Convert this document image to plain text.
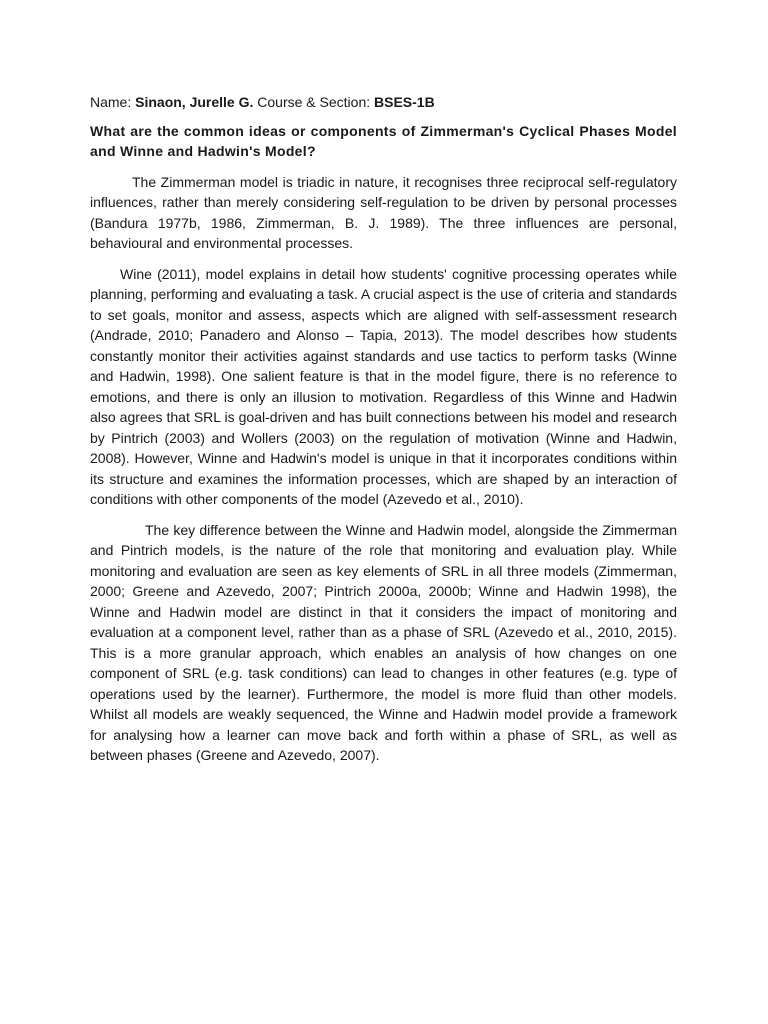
Name: Sinaon, Jurelle G. Course & Section: BSES-1B

What are the common ideas or components of Zimmerman's Cyclical Phases Model and Winne and Hadwin's Model?

The Zimmerman model is triadic in nature, it recognises three reciprocal self-regulatory influences, rather than merely considering self-regulation to be driven by personal processes (Bandura 1977b, 1986, Zimmerman, B. J. 1989). The three influences are personal, behavioural and environmental processes.

Wine (2011), model explains in detail how students' cognitive processing operates while planning, performing and evaluating a task. A crucial aspect is the use of criteria and standards to set goals, monitor and assess, aspects which are aligned with self-assessment research (Andrade, 2010; Panadero and Alonso – Tapia, 2013). The model describes how students constantly monitor their activities against standards and use tactics to perform tasks (Winne and Hadwin, 1998). One salient feature is that in the model figure, there is no reference to emotions, and there is only an illusion to motivation. Regardless of this Winne and Hadwin also agrees that SRL is goal-driven and has built connections between his model and research by Pintrich (2003) and Wollers (2003) on the regulation of motivation (Winne and Hadwin, 2008). However, Winne and Hadwin's model is unique in that it incorporates conditions within its structure and examines the information processes, which are shaped by an interaction of conditions with other components of the model (Azevedo et al., 2010).

The key difference between the Winne and Hadwin model, alongside the Zimmerman and Pintrich models, is the nature of the role that monitoring and evaluation play. While monitoring and evaluation are seen as key elements of SRL in all three models (Zimmerman, 2000; Greene and Azevedo, 2007; Pintrich 2000a, 2000b; Winne and Hadwin 1998), the Winne and Hadwin model are distinct in that it considers the impact of monitoring and evaluation at a component level, rather than as a phase of SRL (Azevedo et al., 2010, 2015). This is a more granular approach, which enables an analysis of how changes on one component of SRL (e.g. task conditions) can lead to changes in other features (e.g. type of operations used by the learner). Furthermore, the model is more fluid than other models. Whilst all models are weakly sequenced, the Winne and Hadwin model provide a framework for analysing how a learner can move back and forth within a phase of SRL, as well as between phases (Greene and Azevedo, 2007).
